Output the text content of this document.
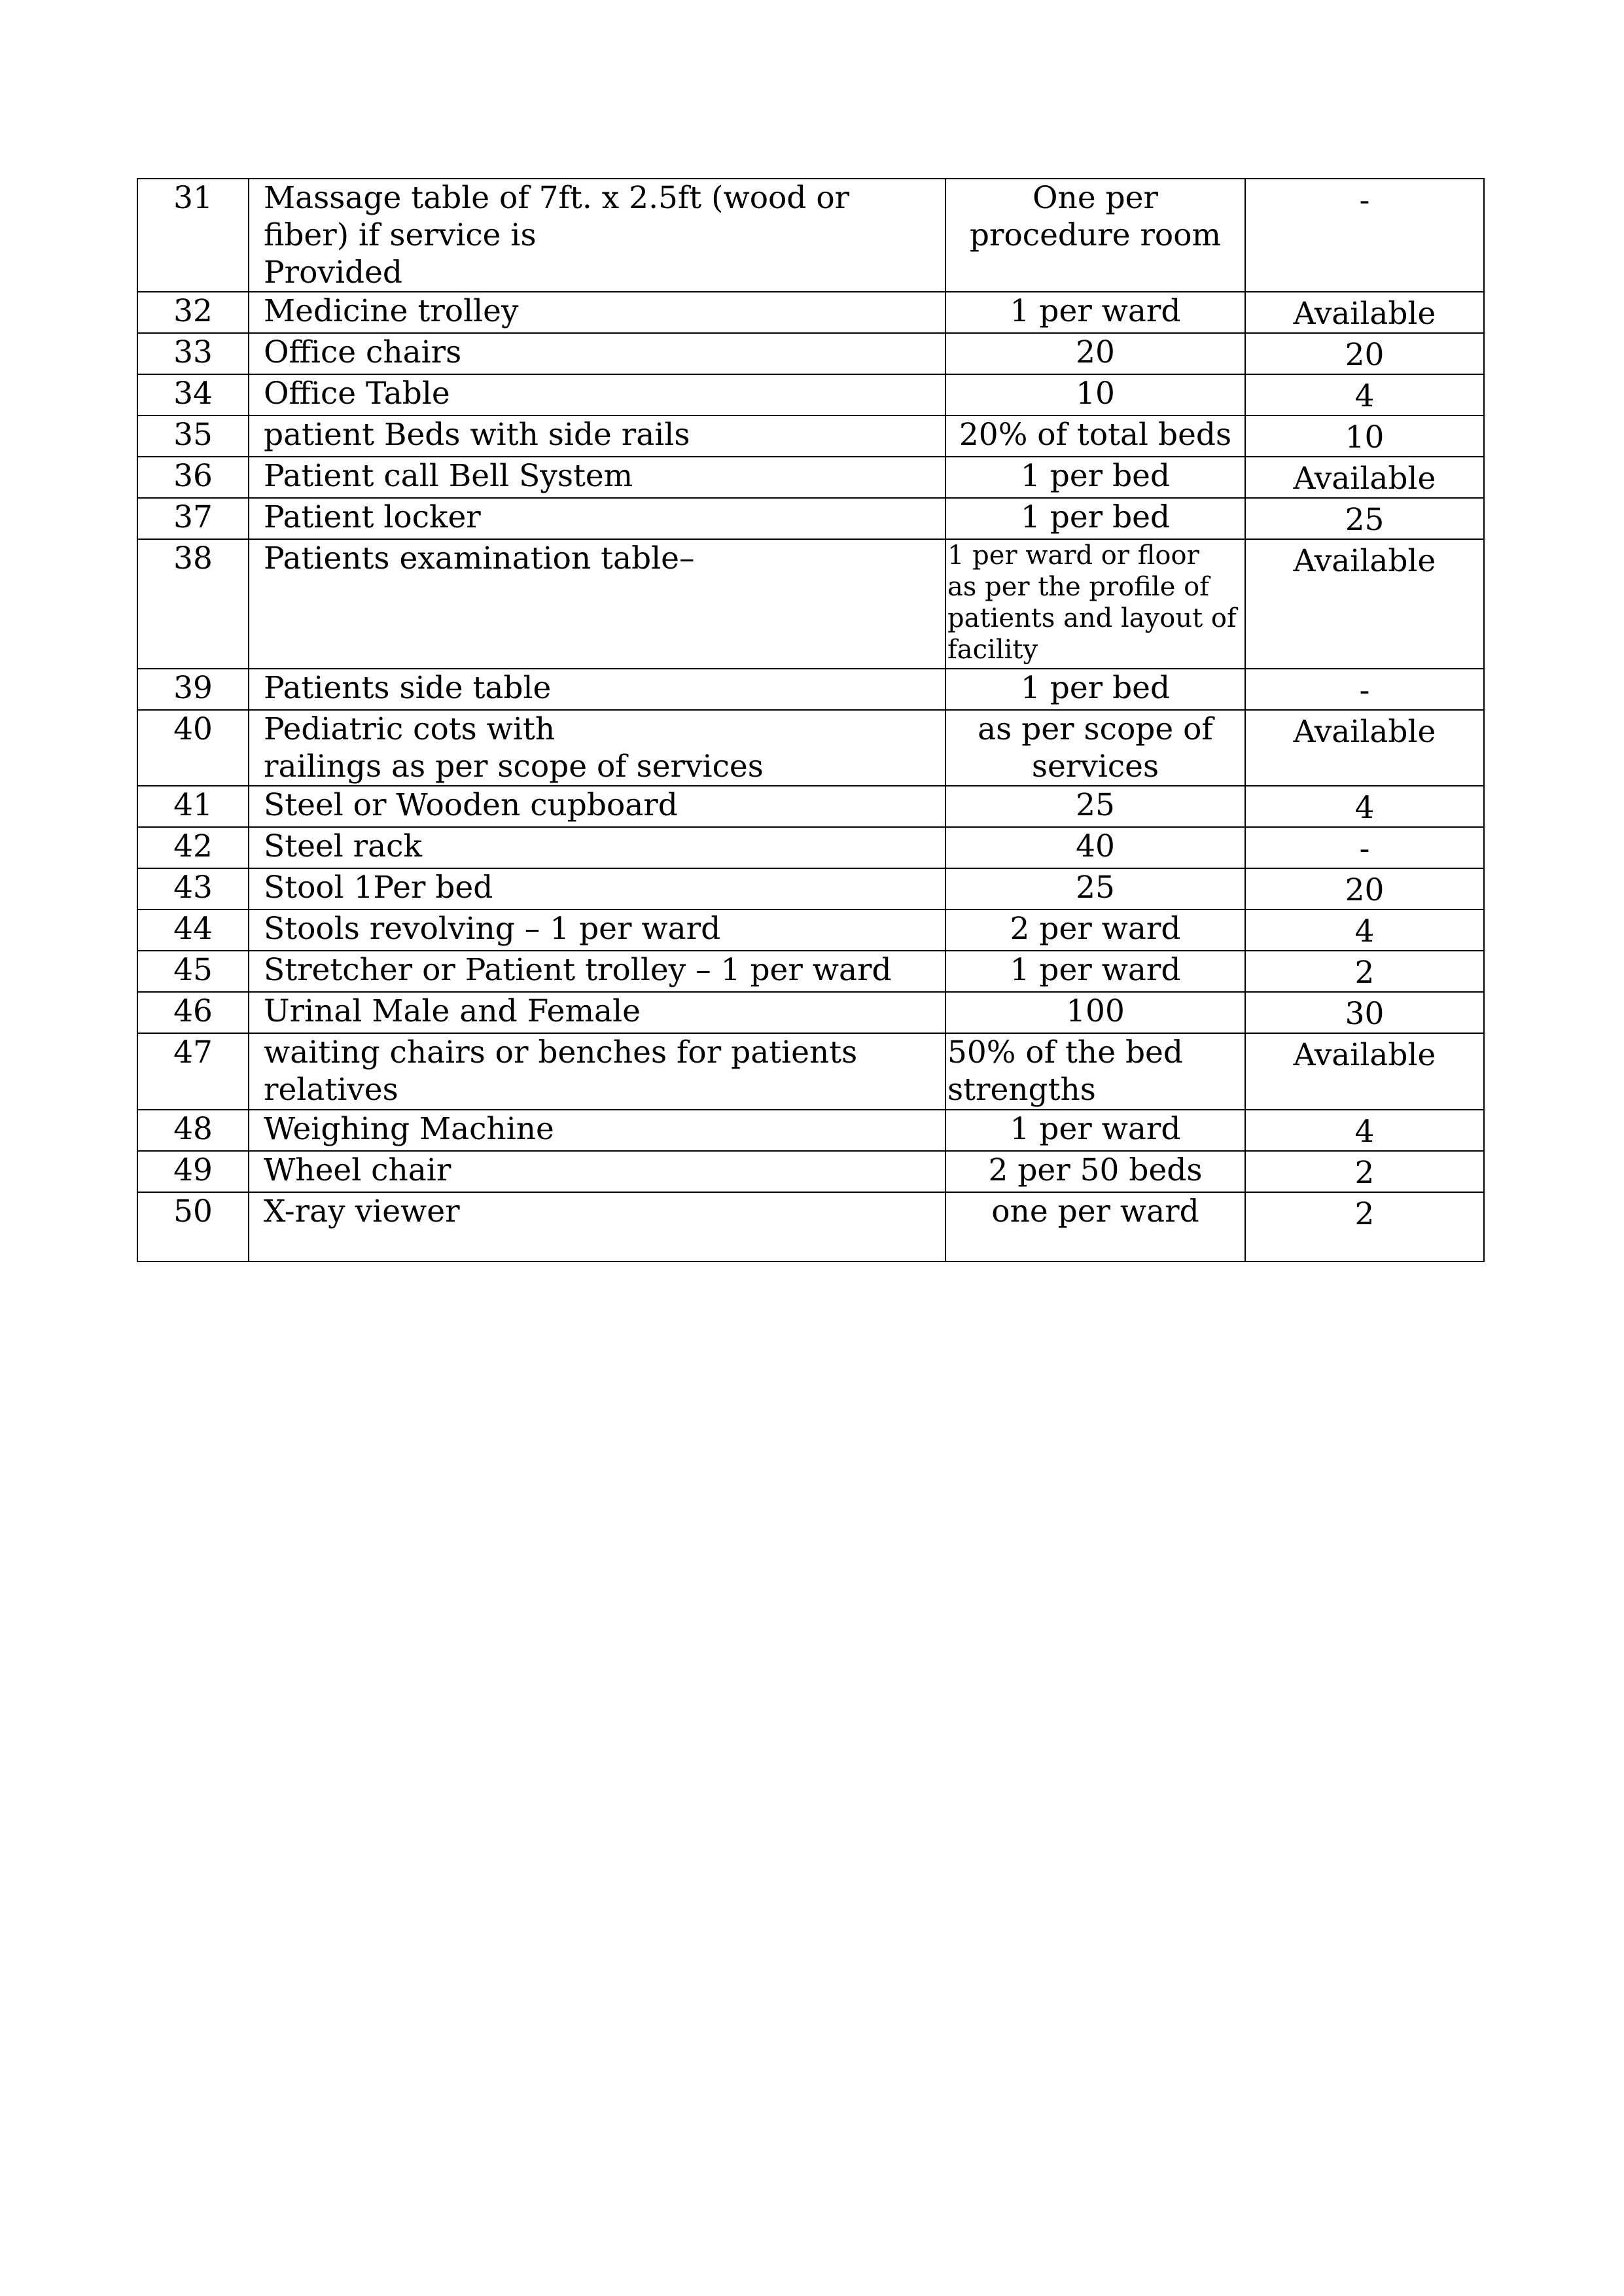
31	Massage table of 7ft. x 2.5ft (wood or
fiber) if service is
Provided	One per
procedure room	-
32	Medicine trolley	1 per ward	Available
33	Office chairs	20	20
34	Office Table	10	4
35	patient Beds with side rails	20% of total beds	10
36	Patient call Bell System	1 per bed	Available
37	Patient locker	1 per bed	25
38	Patients examination table–	1 per ward or floor
as per the profile of
patients and layout of
facility	Available
39	Patients side table	1 per bed	-
40	Pediatric cots with
railings as per scope of services	as per scope of
services	Available
41	Steel or Wooden cupboard	25	4
42	Steel rack	40	-
43	Stool 1Per bed	25	20
44	Stools revolving – 1 per ward	2 per ward	4
45	Stretcher or Patient trolley – 1 per ward	1 per ward	2
46	Urinal Male and Female	100	30
47	waiting chairs or benches for patients
relatives	50% of the bed
strengths	Available
48	Weighing Machine	1 per ward	4
49	Wheel chair	2 per 50 beds	2
50	X-ray viewer	one per ward	2
